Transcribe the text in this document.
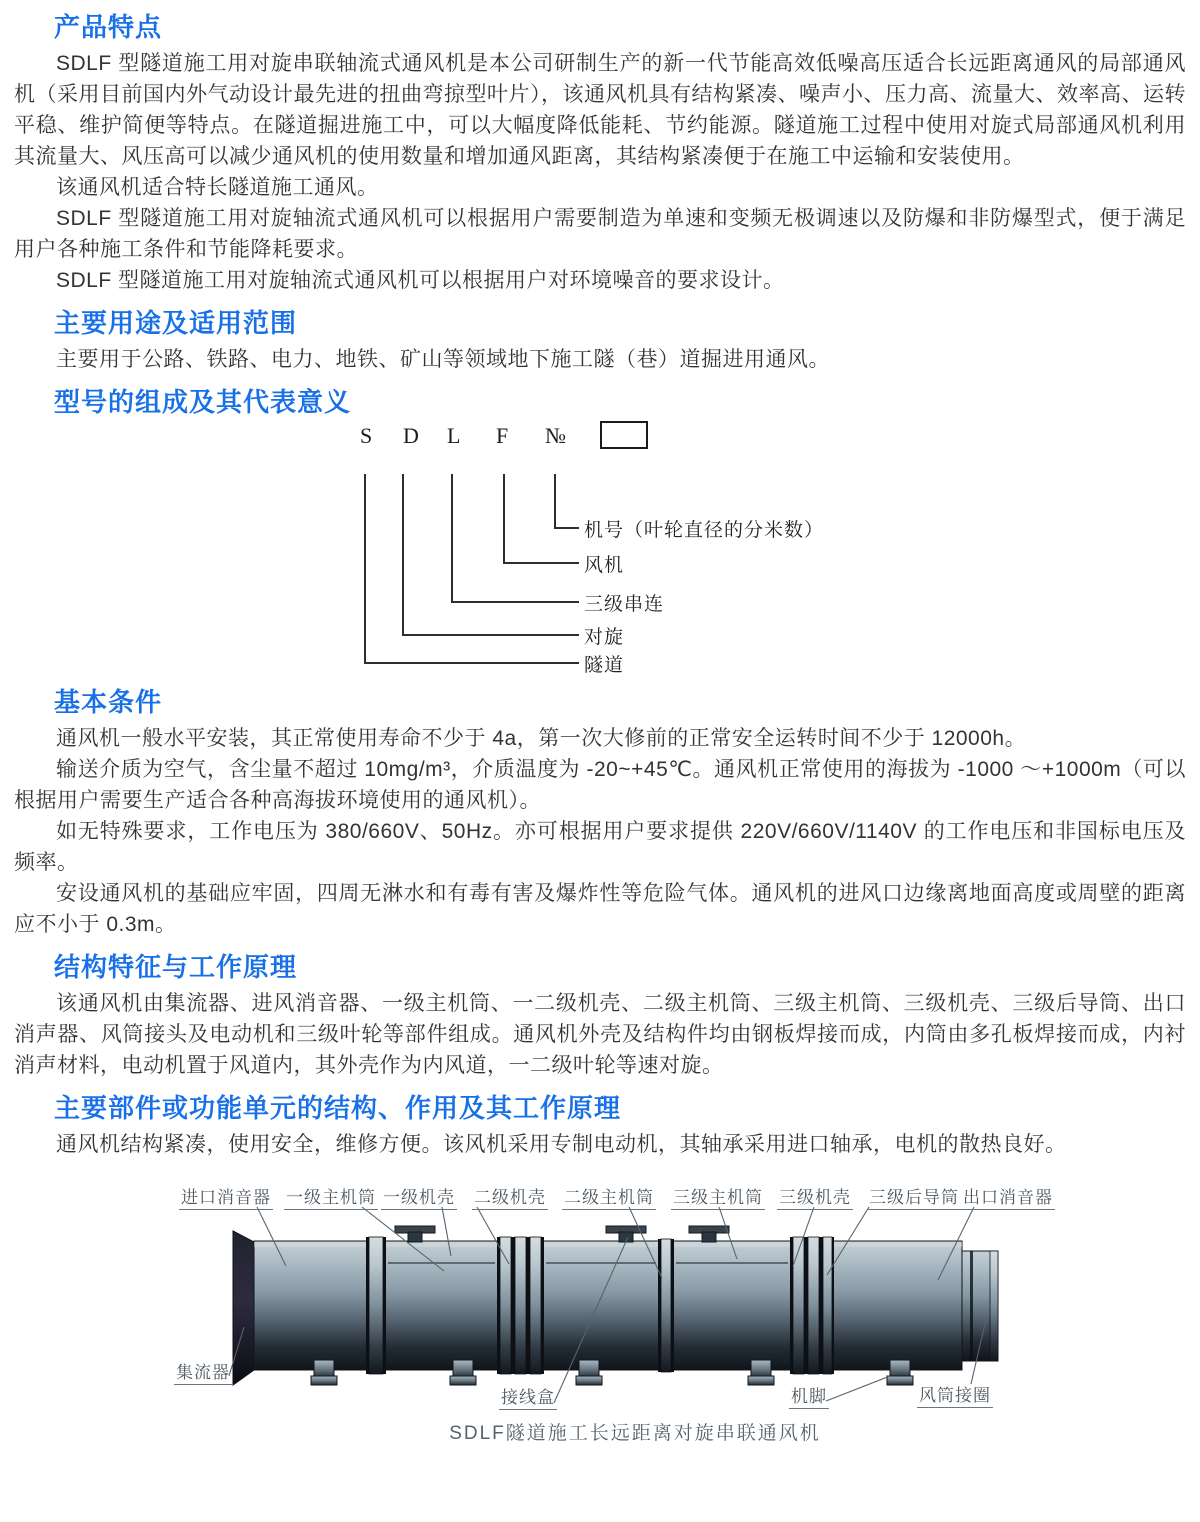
产品特点

SDLF 型隧道施工用对旋串联轴流式通风机是本公司研制生产的新一代节能高效低噪高压适合长远距离通风的局部通风机（采用目前国内外气动设计最先进的扭曲弯掠型叶片），该通风机具有结构紧凑、噪声小、压力高、流量大、效率高、运转平稳、维护简便等特点。在隧道掘进施工中，可以大幅度降低能耗、节约能源。隧道施工过程中使用对旋式局部通风机利用其流量大、风压高可以减少通风机的使用数量和增加通风距离，其结构紧凑便于在施工中运输和安装使用。

该通风机适合特长隧道施工通风。

SDLF 型隧道施工用对旋轴流式通风机可以根据用户需要制造为单速和变频无极调速以及防爆和非防爆型式，便于满足用户各种施工条件和节能降耗要求。

SDLF 型隧道施工用对旋轴流式通风机可以根据用户对环境噪音的要求设计。

主要用途及适用范围

主要用于公路、铁路、电力、地铁、矿山等领域地下施工隧（巷）道掘进用通风。

型号的组成及其代表意义
S D L F №
机号（叶轮直径的分米数）
风机
三级串连
对旋
隧道
基本条件

通风机一般水平安装，其正常使用寿命不少于 4a，第一次大修前的正常安全运转时间不少于 12000h。

输送介质为空气，含尘量不超过 10mg/m³，介质温度为 -20~+45℃。通风机正常使用的海拔为 -1000 ～+1000m（可以根据用户需要生产适合各种高海拔环境使用的通风机）。

如无特殊要求，工作电压为 380/660V、50Hz。亦可根据用户要求提供 220V/660V/1140V 的工作电压和非国标电压及频率。

安设通风机的基础应牢固，四周无淋水和有毒有害及爆炸性等危险气体。通风机的进风口边缘离地面高度或周壁的距离应不小于 0.3m。

结构特征与工作原理

该通风机由集流器、进风消音器、一级主机筒、一二级机壳、二级主机筒、三级主机筒、三级机壳、三级后导筒、出口消声器、风筒接头及电动机和三级叶轮等部件组成。通风机外壳及结构件均由钢板焊接而成，内筒由多孔板焊接而成，内衬消声材料，电动机置于风道内，其外壳作为内风道，一二级叶轮等速对旋。

主要部件或功能单元的结构、作用及其工作原理

通风机结构紧凑，使用安全，维修方便。该风机采用专制电动机，其轴承采用进口轴承，电机的散热良好。

进口消音器 一级主机筒 一级机壳 二级机壳 二级主机筒 三级主机筒 三级机壳 三级后导筒 出口消音器
集流器
接线盒	机脚	风筒接圈
SDLF隧道施工长远距离对旋串联通风机
